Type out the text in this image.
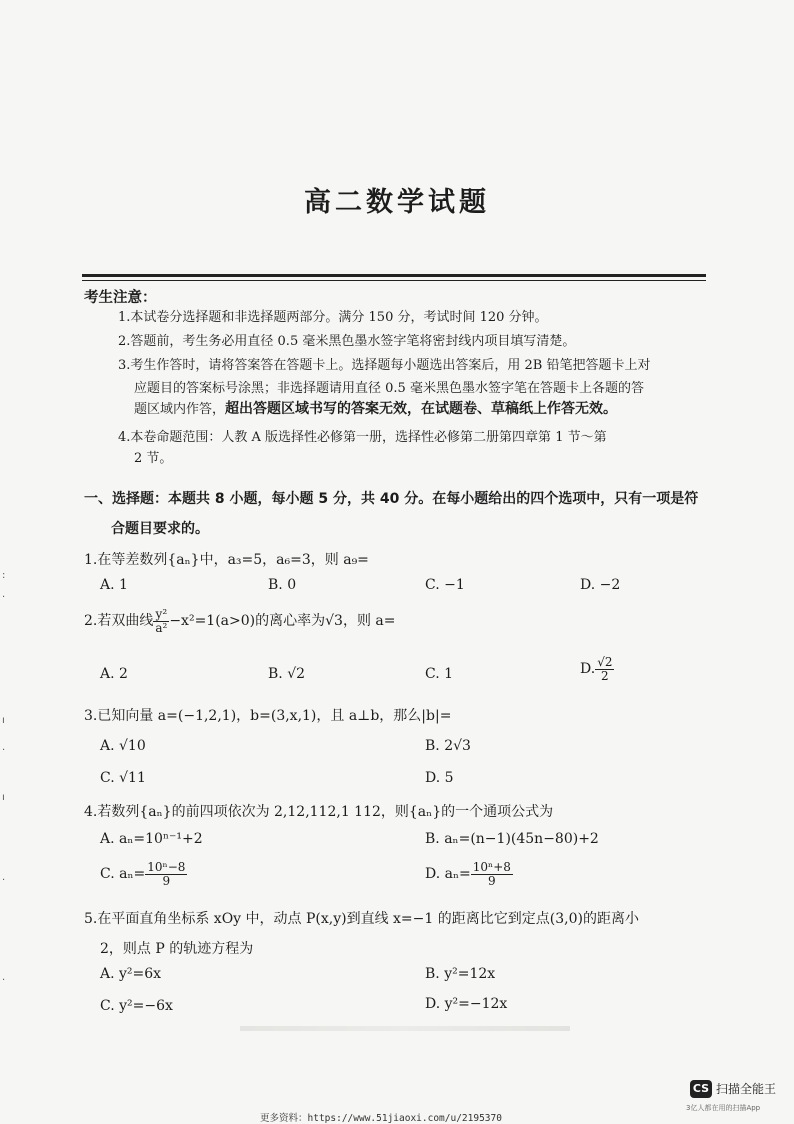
高二数学试题
考生注意：
1.本试卷分选择题和非选择题两部分。满分 150 分，考试时间 120 分钟。
2.答题前，考生务必用直径 0.5 毫米黑色墨水签字笔将密封线内项目填写清楚。
3.考生作答时，请将答案答在答题卡上。选择题每小题选出答案后，用 2B 铅笔把答题卡上对
应题目的答案标号涂黑；非选择题请用直径 0.5 毫米黑色墨水签字笔在答题卡上各题的答
题区域内作答，超出答题区域书写的答案无效，在试题卷、草稿纸上作答无效。
4.本卷命题范围：人教 A 版选择性必修第一册，选择性必修第二册第四章第 1 节～第
2 节。
一、选择题：本题共 8 小题，每小题 5 分，共 40 分。在每小题给出的四个选项中，只有一项是符
合题目要求的。
1.在等差数列{aₙ}中，a₃=5，a₆=3，则 a₉=
A. 1	B. 0	C. −1	D. −2
2.若双曲线 $\frac{\text{y²}}{\text{a²}} -x^2=1(a>0)$的离心率为√3，则 a=
A. 2	B. √2	C. 1	D. $\frac{√2}{2}$
3.已知向量 a=(−1,2,1)，b=(3,x,1)，且 a⊥b，那么|b|=
A. √10	B. 2√3
C. √11	D. 5
4.若数列{aₙ}的前四项依次为 2,12,112,1 112，则{aₙ}的一个通项公式为
A. aₙ=10ⁿ⁻¹+2	B. aₙ=(n−1)(45n−80)+2
C. $a_n= \frac{\text{10ⁿ−8}}{9}$	D. $a_n= \frac{\text{10ⁿ+8}}{9}$
5.在平面直角坐标系 xOy 中，动点 P(x,y)到直线 x=−1 的距离比它到定点(3,0)的距离小
2，则点 P 的轨迹方程为
A. y²=6x	B. y²=12x
C. y²=−6x	D. y²=−12x
:
·
ı
·
ı
·
·
CS 扫描全能王
3亿人都在用的扫描App
更多资料：https://www.51jiaoxi.com/u/2195370
